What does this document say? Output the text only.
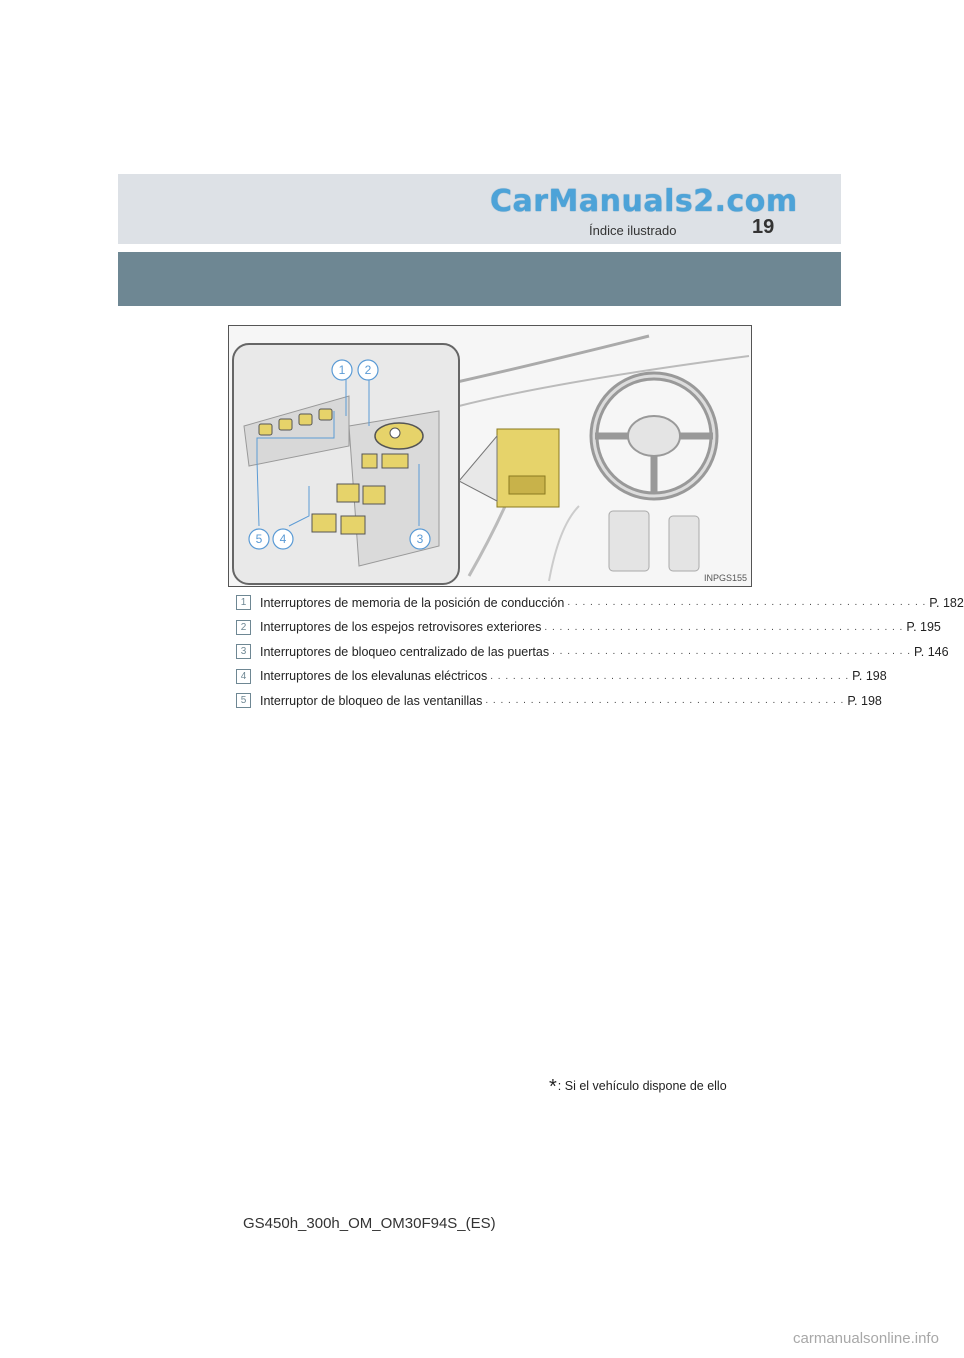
CarManuals2.com
Índice ilustrado	19
1 2
3
4
5
INPGS155
1	Interruptores de memoria de la posición de conducción . . . . . . . . . . . . . . . . . . . . . . . . . . . . . . . . . . . . . . . . . . . . . . . . P. 182
2	Interruptores de los espejos retrovisores exteriores . . . . . . . . . . . . . . . . . . . . . . . . . . . . . . . . . . . . . . . . . . . . . . . . P. 195
3	Interruptores de bloqueo centralizado de las puertas . . . . . . . . . . . . . . . . . . . . . . . . . . . . . . . . . . . . . . . . . . . . . . . . P. 146
4	Interruptores de los elevalunas eléctricos . . . . . . . . . . . . . . . . . . . . . . . . . . . . . . . . . . . . . . . . . . . . . . . . P. 198
5	Interruptor de bloqueo de las ventanillas . . . . . . . . . . . . . . . . . . . . . . . . . . . . . . . . . . . . . . . . . . . . . . . . P. 198
*: Si el vehículo dispone de ello
GS450h_300h_OM_OM30F94S_(ES)
carmanualsonline.info
